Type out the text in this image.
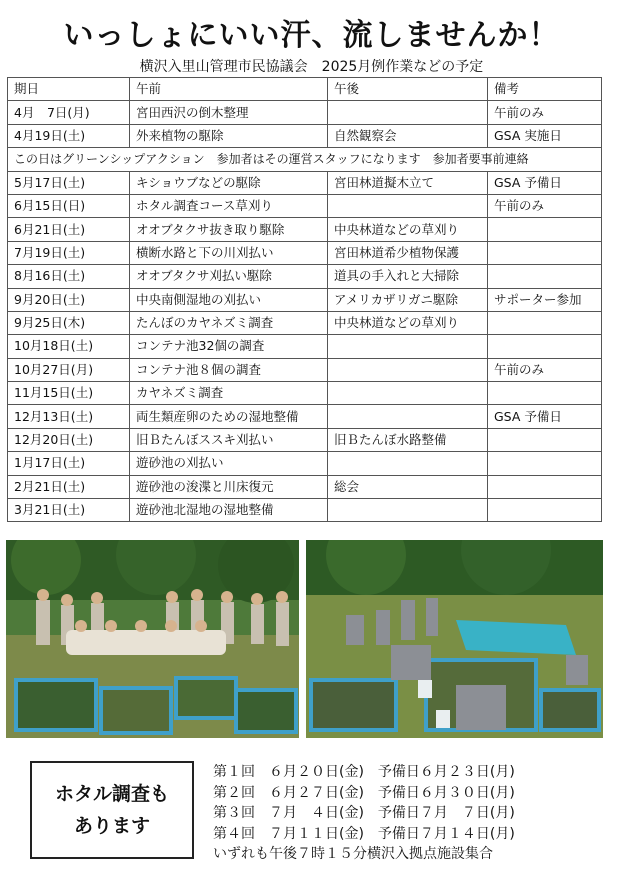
いっしょにいい汗、流しませんか！
横沢入里山管理市民協議会　2025月例作業などの予定
期日	午前	午後	備考
4月　7日(月)	宮田西沢の倒木整理		午前のみ
4月19日(土)	外来植物の駆除	自然観察会	GSA 実施日
この日はグリーンシップアクション　参加者はその運営スタッフになります　参加者要事前連絡			
5月17日(土)	キショウブなどの駆除	宮田林道擬木立て	GSA 予備日
6月15日(日)	ホタル調査コース草刈り		午前のみ
6月21日(土)	オオブタクサ抜き取り駆除	中央林道などの草刈り	
7月19日(土)	横断水路と下の川刈払い	宮田林道希少植物保護	
8月16日(土)	オオブタクサ刈払い駆除	道具の手入れと大掃除	
9月20日(土)	中央南側湿地の刈払い	アメリカザリガニ駆除	サポーター参加
9月25日(木)	たんぼのカヤネズミ調査	中央林道などの草刈り	
10月18日(土)	コンテナ池32個の調査		
10月27日(月)	コンテナ池８個の調査		午前のみ
11月15日(土)	カヤネズミ調査		
12月13日(土)	両生類産卵のための湿地整備		GSA 予備日
12月20日(土)	旧Ｂたんぼススキ刈払い	旧Ｂたんぼ水路整備	
1月17日(土)	遊砂池の刈払い		
2月21日(土)	遊砂池の浚渫と川床復元	総会	
3月21日(土)	遊砂池北湿地の湿地整備		
ホタル調査も
あります
第１回　６月２０日(金)　予備日６月２３日(月)
第２回　６月２７日(金)　予備日６月３０日(月)
第３回　７月　４日(金)　予備日７月　７日(月)
第４回　７月１１日(金)　予備日７月１４日(月)
いずれも午後７時１５分横沢入拠点施設集合
